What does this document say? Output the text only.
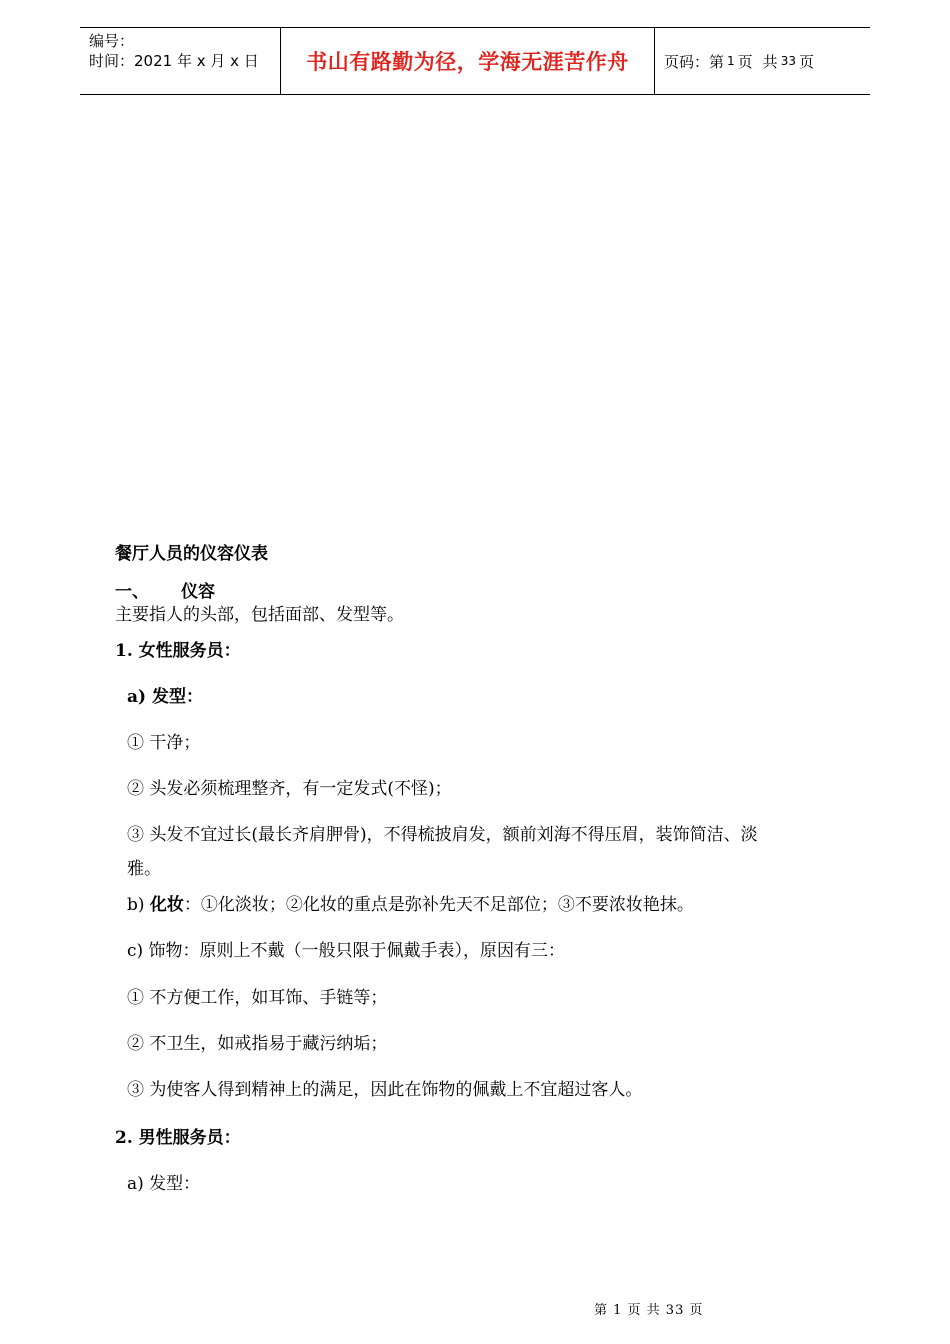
编号：
时间：2021 年 x 月 x 日	书山有路勤为径，学海无涯苦作舟 页码：第 1 页 共 33 页
餐厅人员的仪容仪表
一、 仪容
主要指人的头部，包括面部、发型等。
1. 女性服务员：
a) 发型：
① 干净；
② 头发必须梳理整齐，有一定发式(不怪)；
③ 头发不宜过长(最长齐肩胛骨)，不得梳披肩发，额前刘海不得压眉，装饰简洁、淡
雅。
b) 化妆：①化淡妆；②化妆的重点是弥补先天不足部位；③不要浓妆艳抹。
c) 饰物：原则上不戴（一般只限于佩戴手表），原因有三：
① 不方便工作，如耳饰、手链等；
② 不卫生，如戒指易于藏污纳垢；
③ 为使客人得到精神上的满足，因此在饰物的佩戴上不宜超过客人。
2. 男性服务员：
a) 发型：
第 1 页 共 33 页
